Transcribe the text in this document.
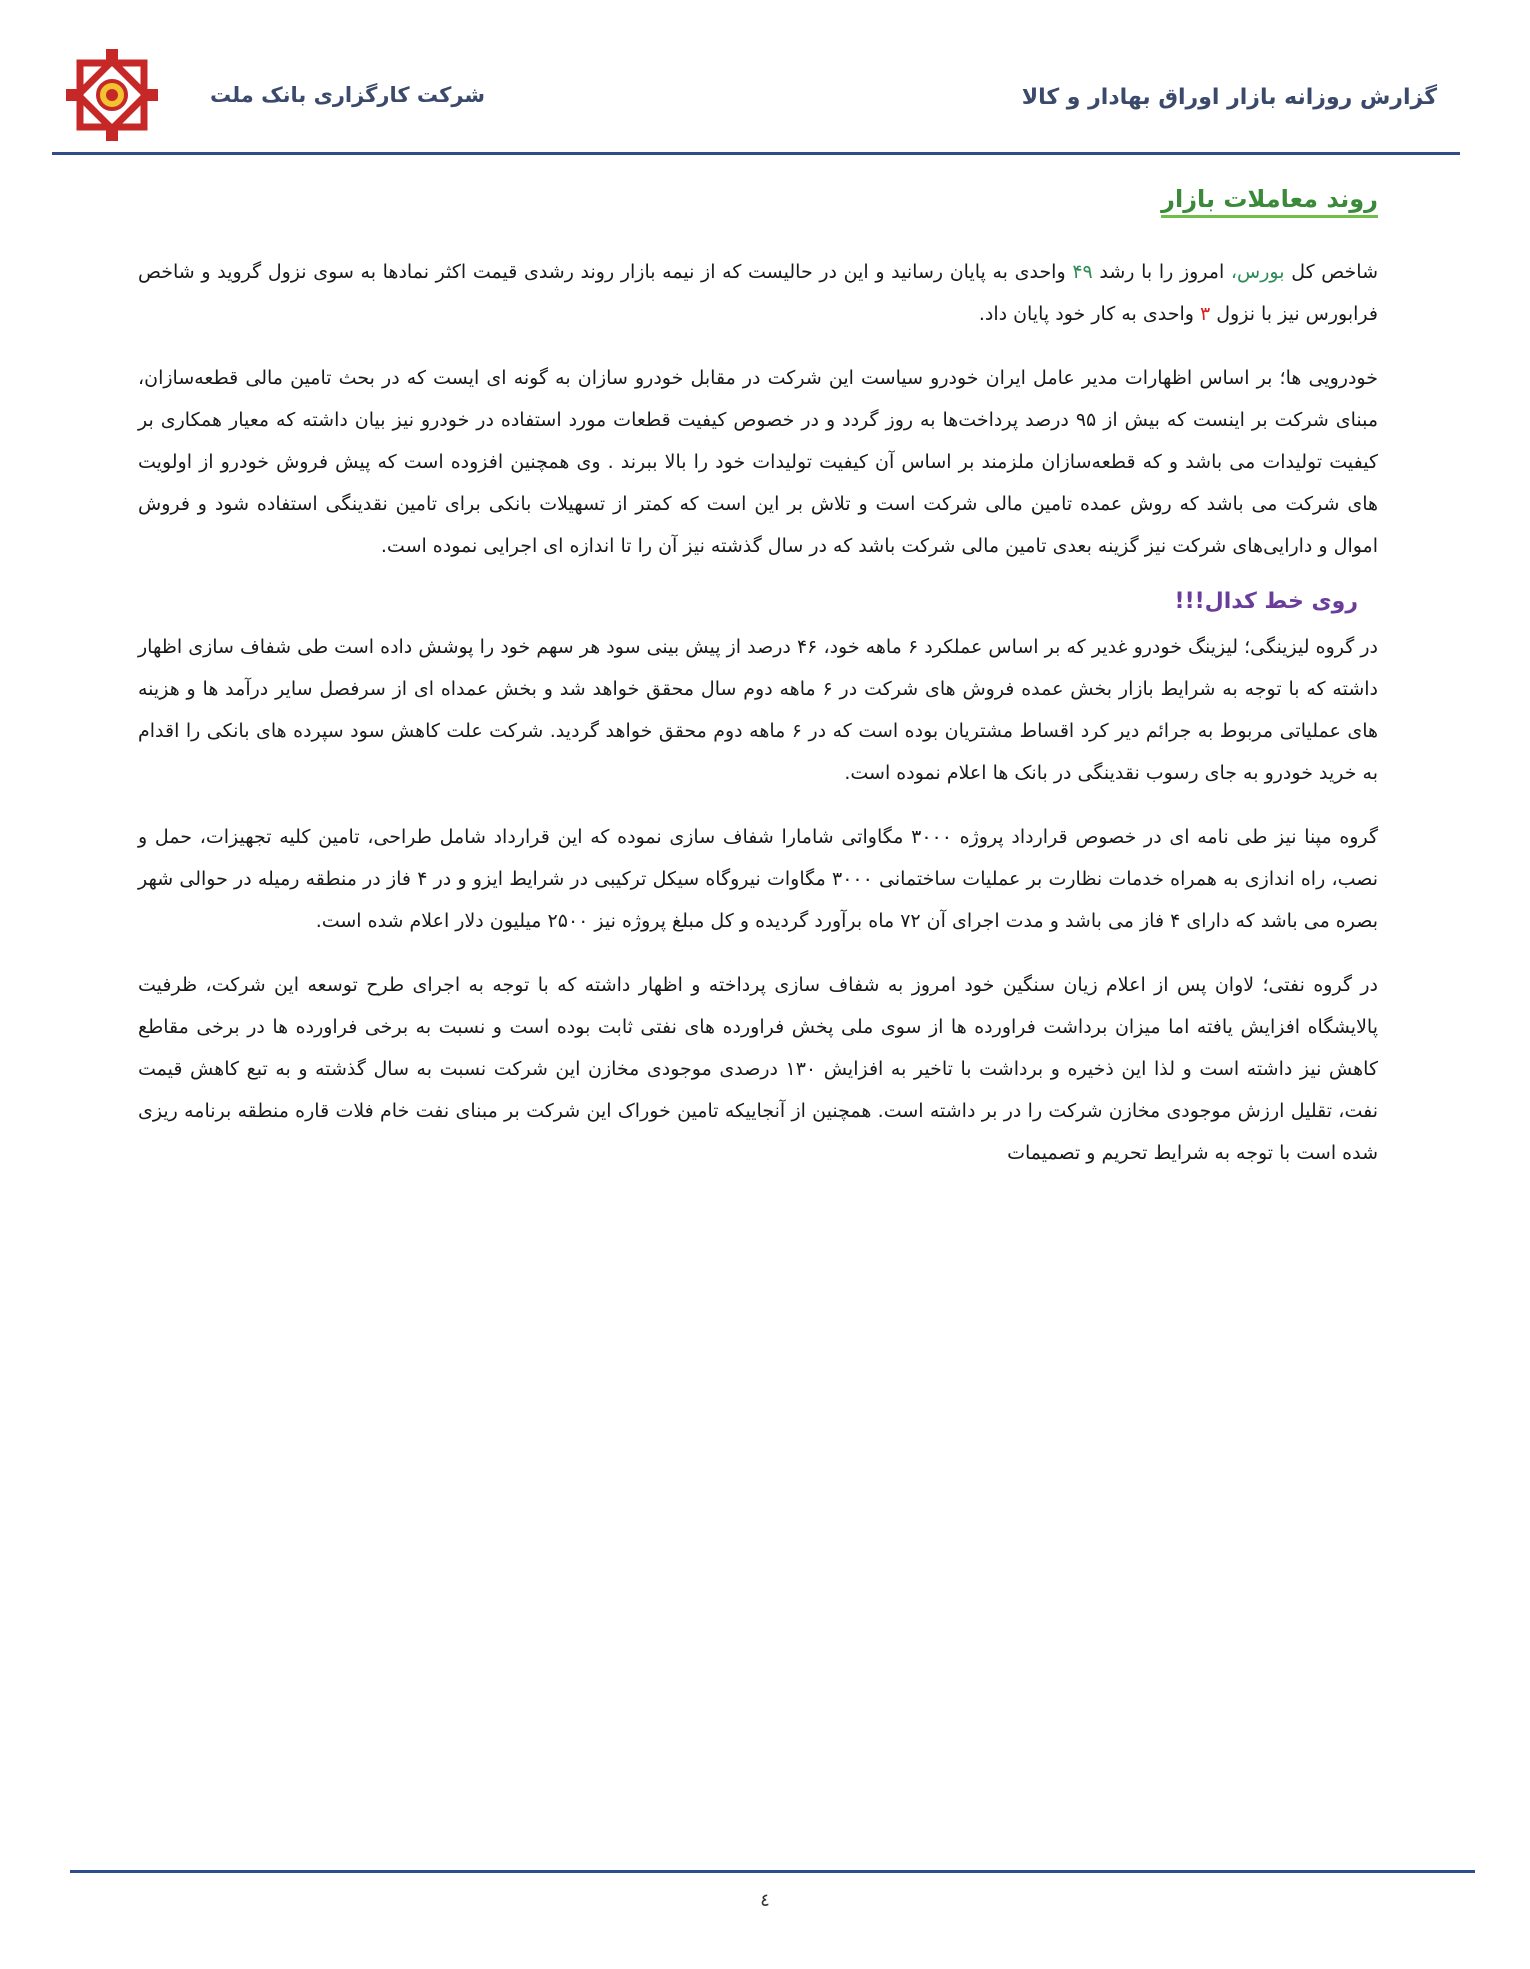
گزارش روزانه بازار اوراق بهادار و کالا
شرکت کارگزاری بانک ملت
روند معاملات بازار

شاخص کل بورس، امروز را با رشد ۴۹ واحدی به پایان رسانید و این در حالیست که از نیمه بازار روند رشدی قیمت اکثر نمادها به سوی نزول گروید و شاخص فرابورس نیز با نزول ۳ واحدی به کار خود پایان داد.

خودرویی ها؛ بر اساس اظهارات مدیر عامل ایران خودرو سیاست این شرکت در مقابل خودرو سازان به گونه ای ایست که در بحث تامین مالی قطعه‌سازان، مبنای شرکت بر اینست که بیش از ۹۵ درصد پرداخت‌ها به روز گردد و در خصوص کیفیت قطعات مورد استفاده در خودرو نیز بیان داشته که معیار همکاری بر کیفیت تولیدات می باشد و که قطعه‌سازان ملزمند بر اساس آن کیفیت تولیدات خود را بالا ببرند . وی همچنین افزوده است که پیش فروش خودرو از اولویت های شرکت می باشد که روش عمده تامین مالی شرکت است و تلاش بر این است که کمتر از تسهیلات بانکی برای تامین نقدینگی استفاده شود و فروش اموال و دارایی‌های شرکت نیز گزینه بعدی تامین مالی شرکت باشد که در سال گذشته نیز آن را تا اندازه ای اجرایی نموده است.

روی خط کدال!!!

در گروه لیزینگی؛ لیزینگ خودرو غدیر که بر اساس عملکرد ۶ ماهه خود، ۴۶ درصد از پیش بینی سود هر سهم خود را پوشش داده است طی شفاف سازی اظهار داشته که با توجه به شرایط بازار بخش عمده فروش های شرکت در ۶ ماهه دوم سال محقق خواهد شد و بخش عمداه ای از سرفصل سایر درآمد ها و هزینه های عملیاتی مربوط به جرائم دیر کرد اقساط مشتریان بوده است که در ۶ ماهه دوم محقق خواهد گردید. شرکت علت کاهش سود سپرده های بانکی را اقدام به خرید خودرو به جای رسوب نقدینگی در بانک ها اعلام نموده است.

گروه مپنا نیز طی نامه ای در خصوص قرارداد پروژه ۳۰۰۰ مگاواتی شامارا شفاف سازی نموده که این قرارداد شامل طراحی، تامین کلیه تجهیزات، حمل و نصب، راه اندازی به همراه خدمات نظارت بر عملیات ساختمانی ۳۰۰۰ مگاوات نیروگاه سیکل ترکیبی در شرایط ایزو و در ۴ فاز در منطقه رمیله در حوالی شهر بصره می باشد که دارای ۴ فاز می باشد و مدت اجرای آن ۷۲ ماه برآورد گردیده و کل مبلغ پروژه نیز ۲۵۰۰ میلیون دلار اعلام شده است.

در گروه نفتی؛ لاوان پس از اعلام زیان سنگین خود امروز به شفاف سازی پرداخته و اظهار داشته که با توجه به اجرای طرح توسعه این شرکت، ظرفیت پالایشگاه افزایش یافته اما میزان برداشت فراورده ها از سوی ملی پخش فراورده های نفتی ثابت بوده است و نسبت به برخی فراورده ها در برخی مقاطع کاهش نیز داشته است و لذا این ذخیره و برداشت با تاخیر به افزایش ۱۳۰ درصدی موجودی مخازن این شرکت نسبت به سال گذشته و به تبع کاهش قیمت نفت، تقلیل ارزش موجودی مخازن شرکت را در بر داشته است. همچنین از آنجاییکه تامین خوراک این شرکت بر مبنای نفت خام فلات قاره منطقه برنامه ریزی شده است با توجه به شرایط تحریم و تصمیمات

٤
